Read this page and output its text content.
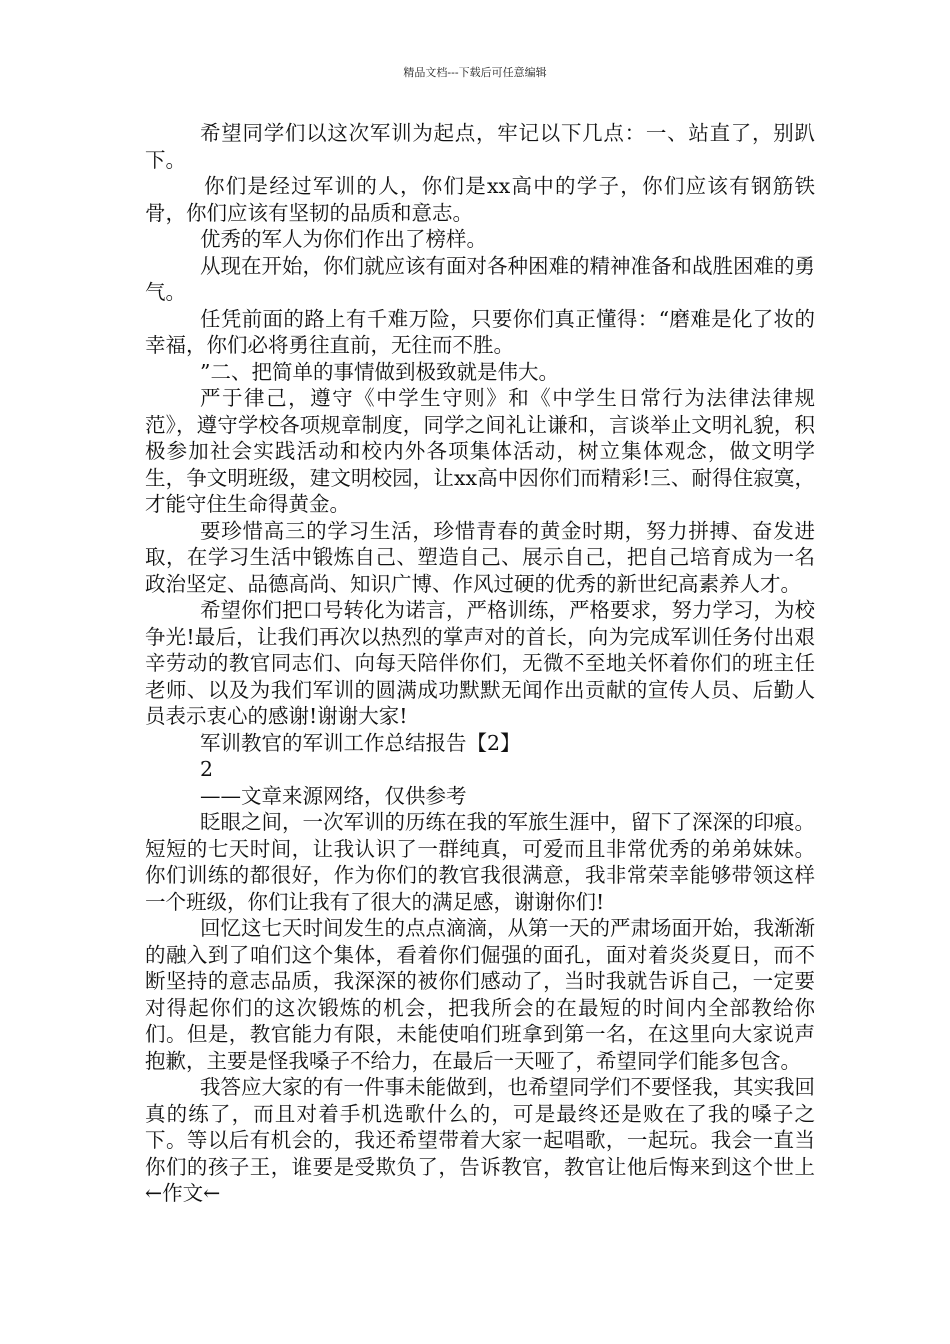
精品文档---下载后可任意编辑

希望同学们以这次军训为起点，牢记以下几点：一、站直了，别趴下。

你们是经过军训的人，你们是xx高中的学子，你们应该有钢筋铁骨，你们应该有坚韧的品质和意志。

优秀的军人为你们作出了榜样。

从现在开始，你们就应该有面对各种困难的精神准备和战胜困难的勇气。

任凭前面的路上有千难万险，只要你们真正懂得：“磨难是化了妆的幸福，你们必将勇往直前，无往而不胜。

”二、把简单的事情做到极致就是伟大。

严于律己，遵守《中学生守则》和《中学生日常行为法律法律规范》，遵守学校各项规章制度，同学之间礼让谦和，言谈举止文明礼貌，积极参加社会实践活动和校内外各项集体活动，树立集体观念，做文明学生，争文明班级，建文明校园，让xx高中因你们而精彩!三、耐得住寂寞，才能守住生命得黄金。

要珍惜高三的学习生活，珍惜青春的黄金时期，努力拼搏、奋发进取，在学习生活中锻炼自己、塑造自己、展示自己，把自己培育成为一名政治坚定、品德高尚、知识广博、作风过硬的优秀的新世纪高素养人才。

希望你们把口号转化为诺言，严格训练，严格要求，努力学习，为校争光!最后，让我们再次以热烈的掌声对的首长，向为完成军训任务付出艰辛劳动的教官同志们、向每天陪伴你们，无微不至地关怀着你们的班主任老师、以及为我们军训的圆满成功默默无闻作出贡献的宣传人员、后勤人员表示衷心的感谢!谢谢大家!

军训教官的军训工作总结报告【2】

2

——文章来源网络，仅供参考

眨眼之间，一次军训的历练在我的军旅生涯中，留下了深深的印痕。短短的七天时间，让我认识了一群纯真，可爱而且非常优秀的弟弟妹妹。你们训练的都很好，作为你们的教官我很满意，我非常荣幸能够带领这样一个班级，你们让我有了很大的满足感，谢谢你们!

回忆这七天时间发生的点点滴滴，从第一天的严肃场面开始，我渐渐的融入到了咱们这个集体，看着你们倔强的面孔，面对着炎炎夏日，而不断坚持的意志品质，我深深的被你们感动了，当时我就告诉自己，一定要对得起你们的这次锻炼的机会，把我所会的在最短的时间内全部教给你们。但是，教官能力有限，未能使咱们班拿到第一名，在这里向大家说声抱歉，主要是怪我嗓子不给力，在最后一天哑了，希望同学们能多包含。

我答应大家的有一件事未能做到，也希望同学们不要怪我，其实我回真的练了，而且对着手机选歌什么的，可是最终还是败在了我的嗓子之下。等以后有机会的，我还希望带着大家一起唱歌，一起玩。我会一直当你们的孩子王，谁要是受欺负了，告诉教官，教官让他后悔来到这个世上←作文←
